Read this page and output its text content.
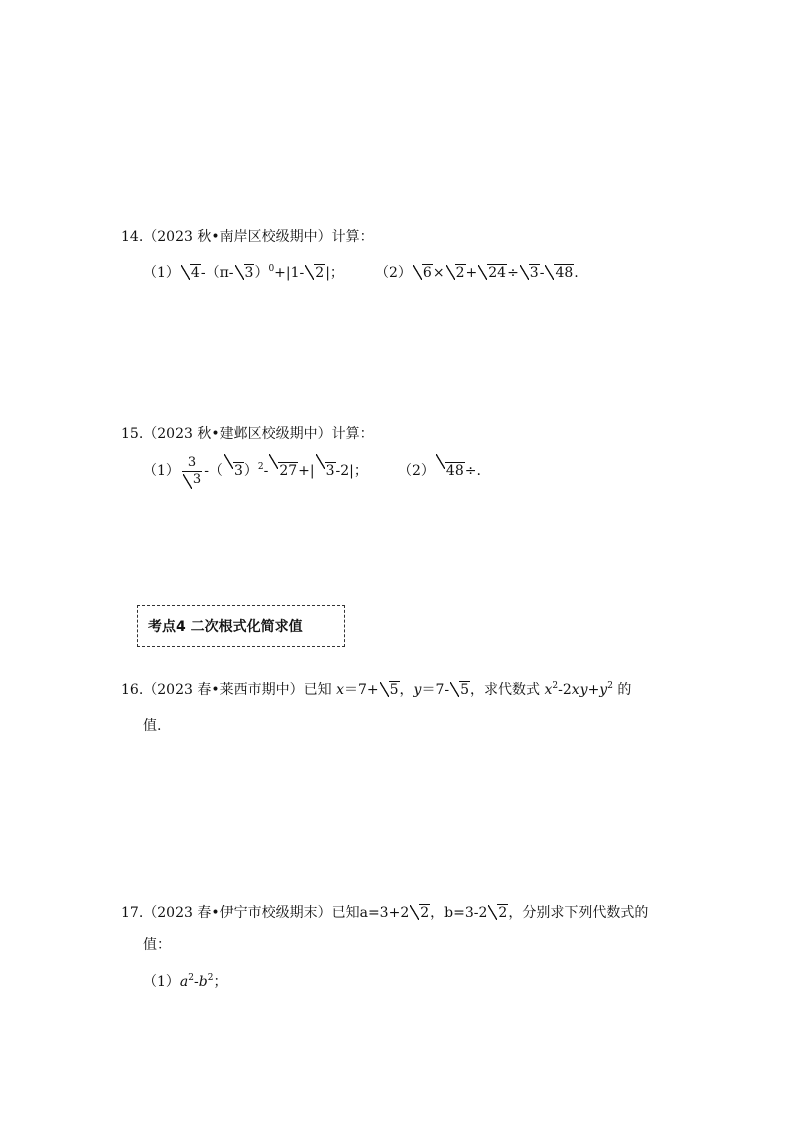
14.（2023 秋•南岸区校级期中）计算：
（1） 4-（π- 3）$^0$+|1- 2|； （2） 6× 2+ 24÷ 3- 48.
15.（2023 秋•建邺区校级期中）计算：
$(1) \frac{3}{3}$ -（ 3）$^2$- 27+| 3-2|； （2） 48÷.
考点4 二次根式化简求值
16.（2023 春•莱西市期中）已知 x＝7+ 5，y＝7- 5，求代数式 $x^2-2xy+y^2$ 的
值.
17.（2023 春•伊宁市校级期末）已知a=3+2 2，b=3-2 2，分别求下列代数式的
值：
$(1)a^2-b^2$；
